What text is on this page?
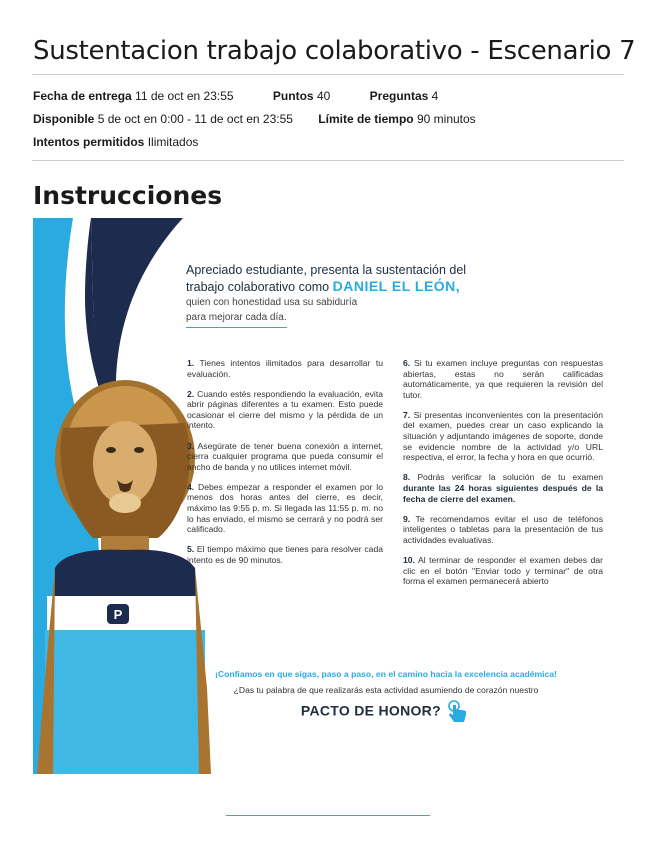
Sustentacion trabajo colaborativo - Escenario 7
Fecha de entrega 11 de oct en 23:55	Puntos 40	Preguntas 4
Disponible 5 de oct en 0:00 - 11 de oct en 23:55 Límite de tiempo 90 minutos
Intentos permitidos Ilimitados
Instrucciones
P
Apreciado estudiante, presenta la sustentación del
trabajo colaborativo como DANIEL EL LEÓN,
quien con honestidad usa su sabiduría
para mejorar cada día.

1. Tienes intentos ilimitados para desarrollar tu evaluación.

2. Cuando estés respondiendo la evaluación, evita abrir páginas diferentes a tu examen. Esto puede ocasionar el cierre del mismo y la pérdida de un intento.

3. Asegúrate de tener buena conexión a internet, cierra cualquier programa que pueda consumir el ancho de banda y no utilices internet móvil.

4. Debes empezar a responder el examen por lo menos dos horas antes del cierre, es decir, máximo las 9:55 p. m. Si llegada las 11:55 p. m. no lo has enviado, el mismo se cerrará y no podrá ser calificado.

5. El tiempo máximo que tienes para resolver cada intento es de 90 minutos.

6. Si tu examen incluye preguntas con respuestas abiertas, estas no serán calificadas automáticamente, ya que requieren la revisión del tutor.

7. Si presentas inconvenientes con la presentación del examen, puedes crear un caso explicando la situación y adjuntando imágenes de soporte, donde se evidencie nombre de la actividad y/o URL respectiva, el error, la fecha y hora en que ocurrió.

8. Podrás verificar la solución de tu examen durante las 24 horas siguientes después de la fecha de cierre del examen.

9. Te recomendamos evitar el uso de teléfonos inteligentes o tabletas para la presentación de tus actividades evaluativas.

10. Al terminar de responder el examen debes dar clic en el botón "Enviar todo y terminar" de otra forma el examen permanecerá abierto

¡Confiamos en que sigas, paso a paso, en el camino hacia la excelencia académica!
¿Das tu palabra de que realizarás esta actividad asumiendo de corazón nuestro
PACTO DE HONOR?
